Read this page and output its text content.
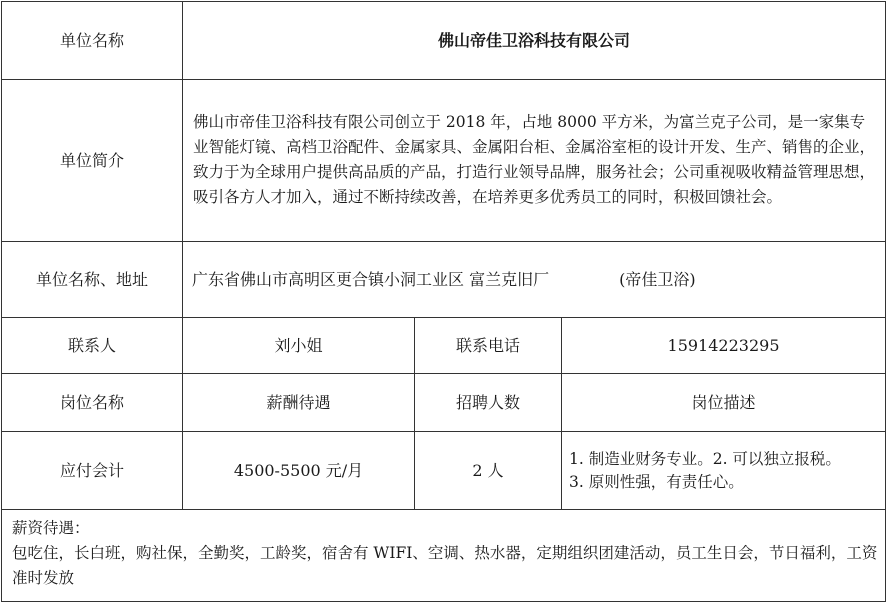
单位名称	佛山帝佳卫浴科技有限公司		
单位简介	佛山市帝佳卫浴科技有限公司创立于 2018 年，占地 8000 平方米，为富兰克子公司，是一家集专业智能灯镜、高档卫浴配件、金属家具、金属阳台柜、金属浴室柜的设计开发、生产、销售的企业，致力于为全球用户提供高品质的产品，打造行业领导品牌，服务社会；公司重视吸收精益管理思想，吸引各方人才加入，通过不断持续改善，在培养更多优秀员工的同时，积极回馈社会。		
单位名称、地址	广东省佛山市高明区更合镇小洞工业区 富兰克旧厂 (帝佳卫浴)		
联系人	刘小姐	联系电话	15914223295
岗位名称	薪酬待遇	招聘人数	岗位描述
应付会计	4500-5500 元/月	2 人	1. 制造业财务专业。2. 可以独立报税。
3. 原则性强，有责任心。

薪资待遇：
包吃住，长白班，购社保，全勤奖，工龄奖，宿舍有 WIFI、空调、热水器，定期组织团建活动，员工生日会，节日福利，工资准时发放			
